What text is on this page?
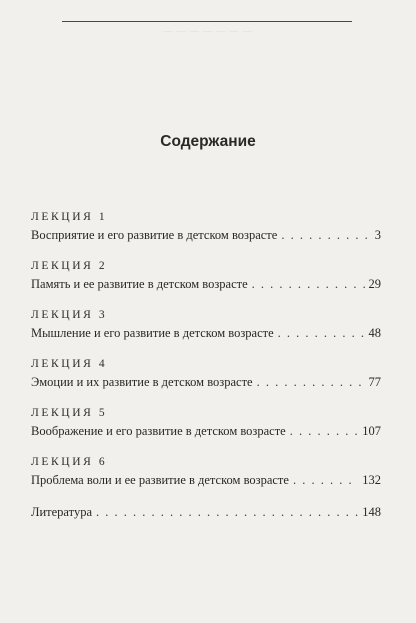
— — — — — — —
Содержание
ЛЕКЦИЯ 1
Восприятие и его развитие в детском возрасте . . .	3
ЛЕКЦИЯ 2
Память и ее развитие в детском возрасте . . .	29
ЛЕКЦИЯ 3
Мышление и его развитие в детском возрасте . . .	48
ЛЕКЦИЯ 4
Эмоции и их развитие в детском возрасте . . .	77
ЛЕКЦИЯ 5
Воображение и его развитие в детском возрасте . . .	107
ЛЕКЦИЯ 6
Проблема воли и ее развитие в детском возрасте . . .	132
Литература . . .	148
